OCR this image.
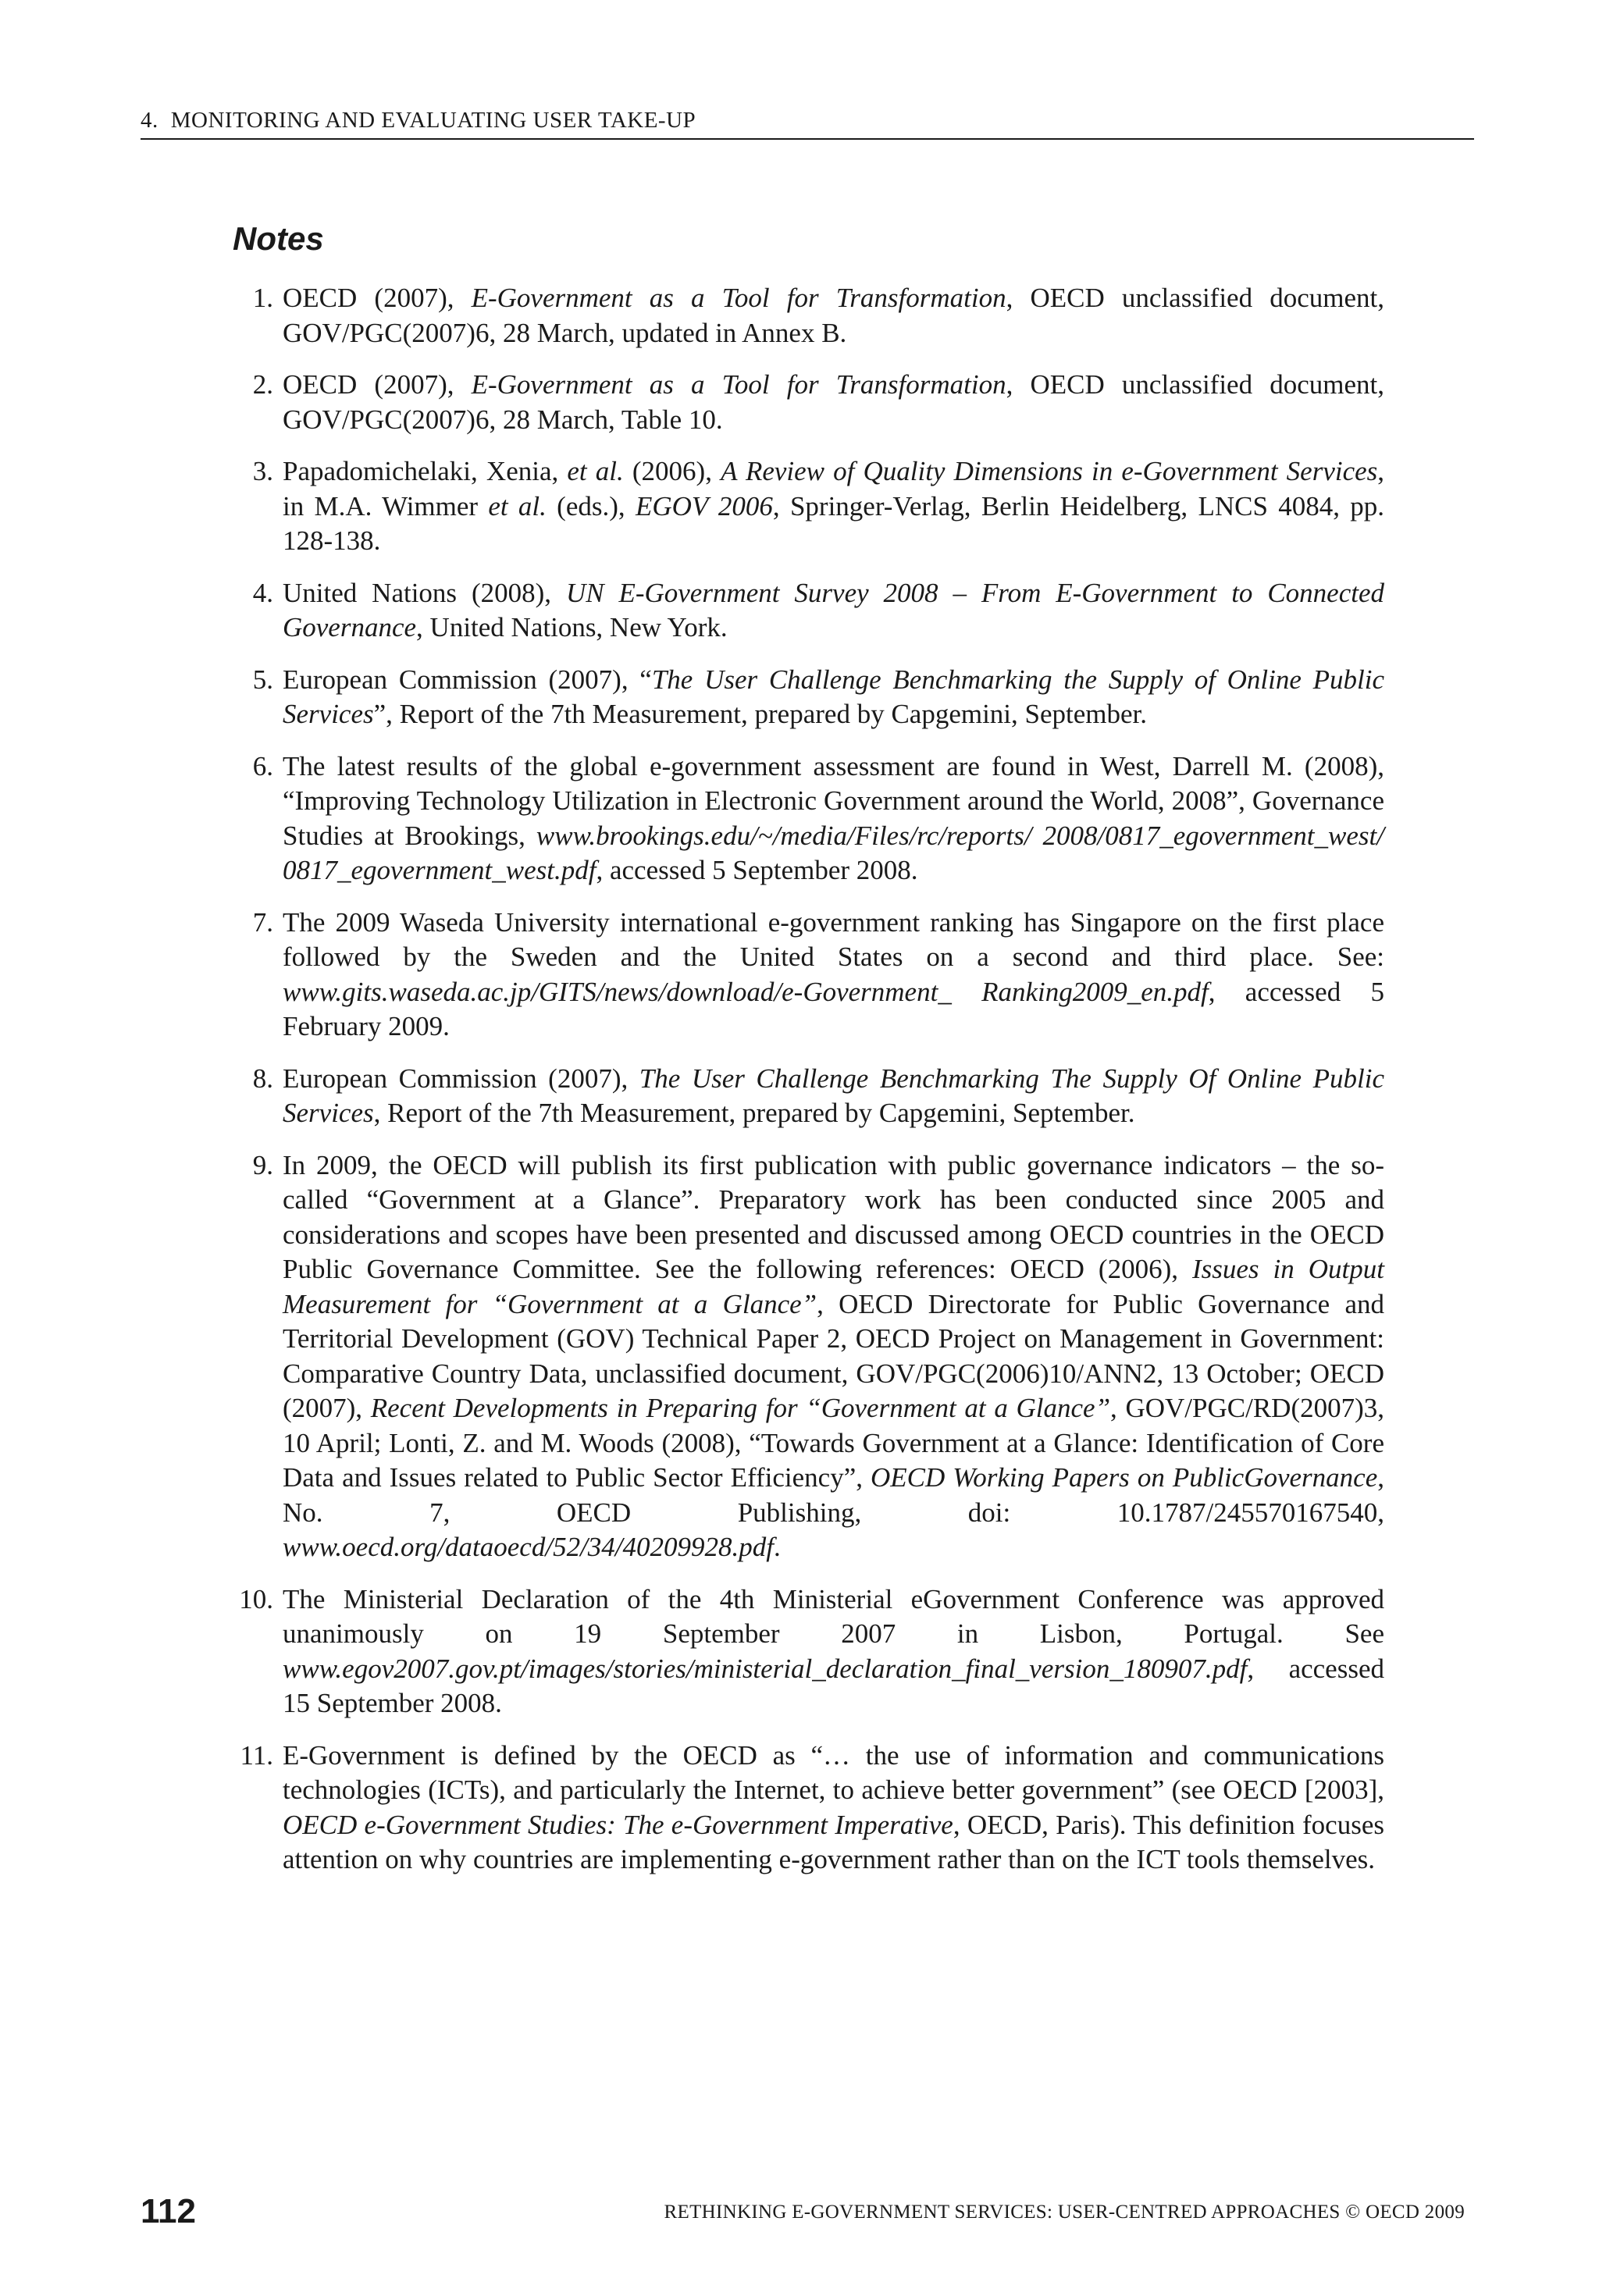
4. MONITORING AND EVALUATING USER TAKE-UP
Notes
1. OECD (2007), E-Government as a Tool for Transformation, OECD unclassified document, GOV/PGC(2007)6, 28 March, updated in Annex B.
2. OECD (2007), E-Government as a Tool for Transformation, OECD unclassified document, GOV/PGC(2007)6, 28 March, Table 10.
3. Papadomichelaki, Xenia, et al. (2006), A Review of Quality Dimensions in e-Government Services, in M.A. Wimmer et al. (eds.), EGOV 2006, Springer-Verlag, Berlin Heidelberg, LNCS 4084, pp. 128-138.
4. United Nations (2008), UN E-Government Survey 2008 – From E-Government to Connected Governance, United Nations, New York.
5. European Commission (2007), “The User Challenge Benchmarking the Supply of Online Public Services”, Report of the 7th Measurement, prepared by Capgemini, September.
6. The latest results of the global e-government assessment are found in West, Darrell M. (2008), “Improving Technology Utilization in Electronic Government around the World, 2008”, Governance Studies at Brookings, www.brookings.edu/~/media/Files/rc/reports/ 2008/0817_egovernment_west/ 0817_egovernment_west.pdf, accessed 5 September 2008.
7. The 2009 Waseda University international e-government ranking has Singapore on the first place followed by the Sweden and the United States on a second and third place. See: www.gits.waseda.ac.jp/GITS/news/download/e-Government_ Ranking2009_en.pdf, accessed 5 February 2009.
8. European Commission (2007), The User Challenge Benchmarking The Supply Of Online Public Services, Report of the 7th Measurement, prepared by Capgemini, September.
9. In 2009, the OECD will publish its first publication with public governance indicators – the so-called “Government at a Glance”. Preparatory work has been conducted since 2005 and considerations and scopes have been presented and discussed among OECD countries in the OECD Public Governance Committee. See the following references: OECD (2006), Issues in Output Measurement for “Government at a Glance”, OECD Directorate for Public Governance and Territorial Development (GOV) Technical Paper 2, OECD Project on Management in Government: Comparative Country Data, unclassified document, GOV/PGC(2006)10/ANN2, 13 October; OECD (2007), Recent Developments in Preparing for “Government at a Glance”, GOV/PGC/RD(2007)3, 10 April; Lonti, Z. and M. Woods (2008), “Towards Government at a Glance: Identification of Core Data and Issues related to Public Sector Efficiency”, OECD Working Papers on PublicGovernance, No. 7, OECD Publishing, doi: 10.1787/245570167540, www.oecd.org/dataoecd/52/34/40209928.pdf.
10. The Ministerial Declaration of the 4th Ministerial eGovernment Conference was approved unanimously on 19 September 2007 in Lisbon, Portugal. See www.egov2007.gov.pt/images/stories/ministerial_declaration_final_version_180907.pdf, accessed 15 September 2008.
11. E-Government is defined by the OECD as “… the use of information and communications technologies (ICTs), and particularly the Internet, to achieve better government” (see OECD [2003], OECD e-Government Studies: The e-Government Imperative, OECD, Paris). This definition focuses attention on why countries are implementing e-government rather than on the ICT tools themselves.
112	RETHINKING E-GOVERNMENT SERVICES: USER-CENTRED APPROACHES © OECD 2009
